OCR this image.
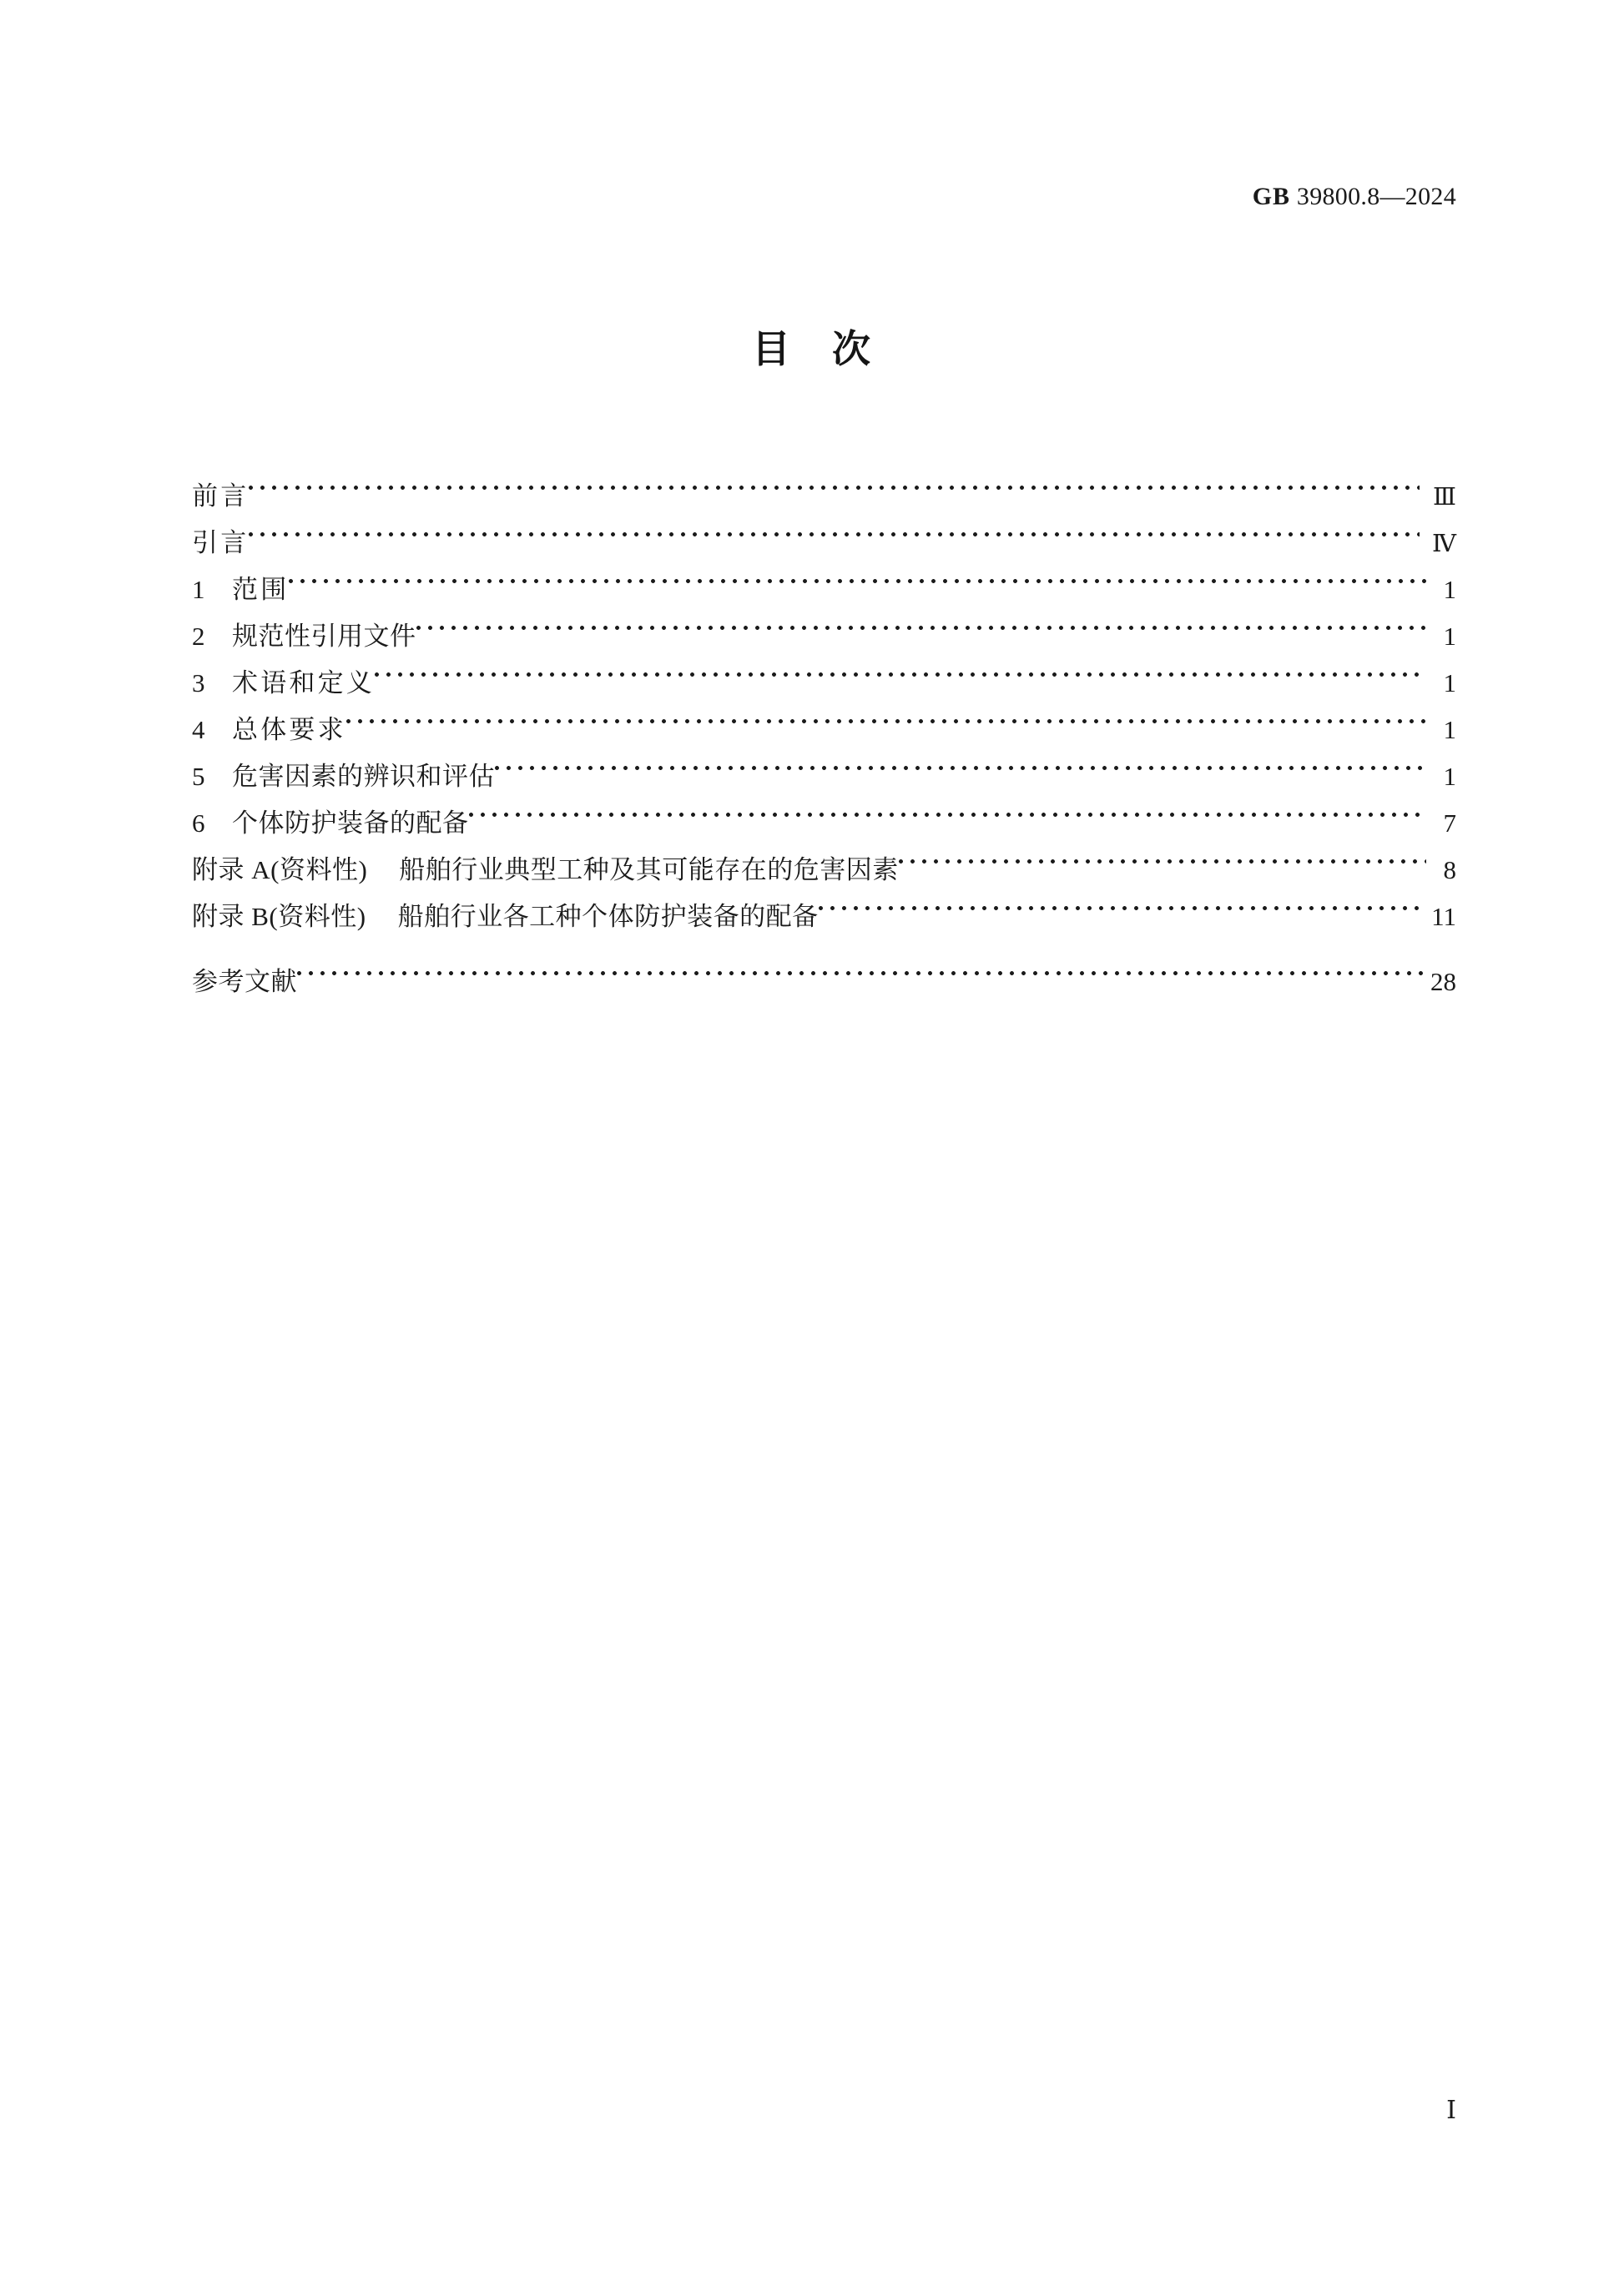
GB 39800.8—2024
目　次
前言	Ⅲ
引言	Ⅳ
1	范围	1
2	规范性引用文件	1
3	术语和定义	1
4	总体要求	1
5	危害因素的辨识和评估	1
6	个体防护装备的配备	7
附录 A(资料性) 船舶行业典型工种及其可能存在的危害因素	8
附录 B(资料性) 船舶行业各工种个体防护装备的配备	11
参考文献	28
Ⅰ
